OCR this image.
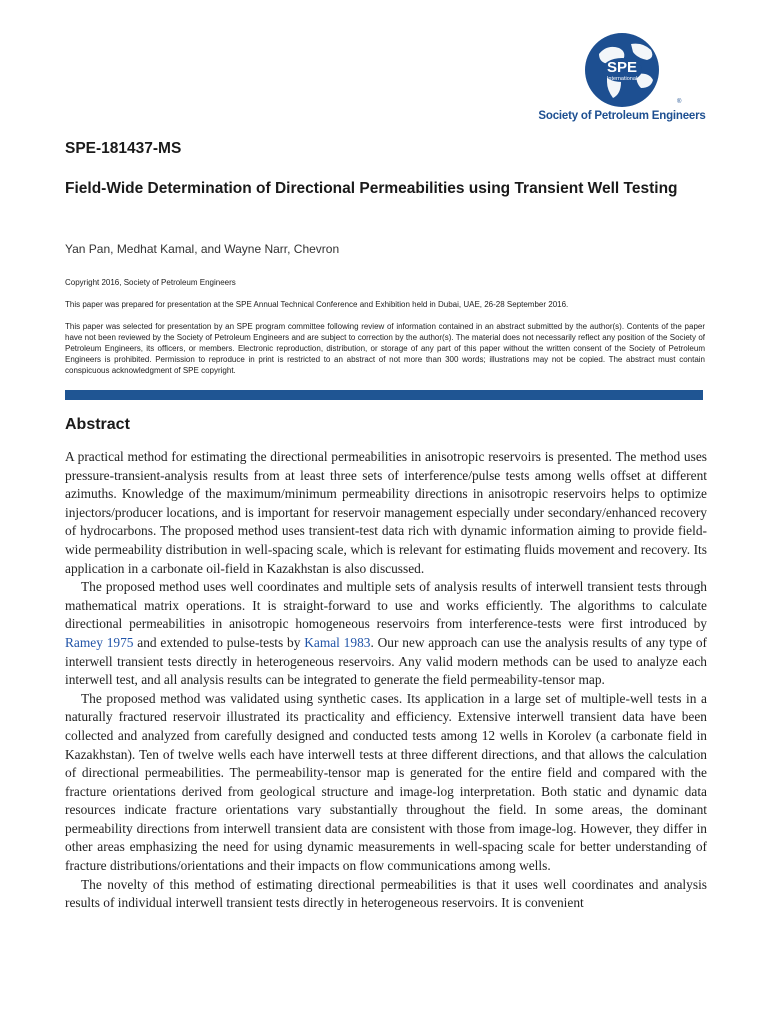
SPE
International
®
Society of Petroleum Engineers
SPE-181437-MS
Field-Wide Determination of Directional Permeabilities using Transient Well Testing
Yan Pan, Medhat Kamal, and Wayne Narr, Chevron

Copyright 2016, Society of Petroleum Engineers

This paper was prepared for presentation at the SPE Annual Technical Conference and Exhibition held in Dubai, UAE, 26-28 September 2016.

This paper was selected for presentation by an SPE program committee following review of information contained in an abstract submitted by the author(s). Contents of the paper have not been reviewed by the Society of Petroleum Engineers and are subject to correction by the author(s). The material does not necessarily reflect any position of the Society of Petroleum Engineers, its officers, or members. Electronic reproduction, distribution, or storage of any part of this paper without the written consent of the Society of Petroleum Engineers is prohibited. Permission to reproduce in print is restricted to an abstract of not more than 300 words; illustrations may not be copied. The abstract must contain conspicuous acknowledgment of SPE copyright.

Abstract

A practical method for estimating the directional permeabilities in anisotropic reservoirs is presented. The method uses pressure-transient-analysis results from at least three sets of interference/pulse tests among wells offset at different azimuths. Knowledge of the maximum/minimum permeability directions in anisotropic reservoirs helps to optimize injectors/producer locations, and is important for reservoir management especially under secondary/enhanced recovery of hydrocarbons. The proposed method uses transient-test data rich with dynamic information aiming to provide field-wide permeability distribution in well-spacing scale, which is relevant for estimating fluids movement and recovery. Its application in a carbonate oil-field in Kazakhstan is also discussed.

The proposed method uses well coordinates and multiple sets of analysis results of interwell transient tests through mathematical matrix operations. It is straight-forward to use and works efficiently. The algorithms to calculate directional permeabilities in anisotropic homogeneous reservoirs from interference-tests were first introduced by Ramey 1975 and extended to pulse-tests by Kamal 1983. Our new approach can use the analysis results of any type of interwell transient tests directly in heterogeneous reservoirs. Any valid modern methods can be used to analyze each interwell test, and all analysis results can be integrated to generate the field permeability-tensor map.

The proposed method was validated using synthetic cases. Its application in a large set of multiple-well tests in a naturally fractured reservoir illustrated its practicality and efficiency. Extensive interwell transient data have been collected and analyzed from carefully designed and conducted tests among 12 wells in Korolev (a carbonate field in Kazakhstan). Ten of twelve wells each have interwell tests at three different directions, and that allows the calculation of directional permeabilities. The permeability-tensor map is generated for the entire field and compared with the fracture orientations derived from geological structure and image-log interpretation. Both static and dynamic data resources indicate fracture orientations vary substantially throughout the field. In some areas, the dominant permeability directions from interwell transient data are consistent with those from image-log. However, they differ in other areas emphasizing the need for using dynamic measurements in well-spacing scale for better understanding of fracture distributions/orientations and their impacts on flow communications among wells.

The novelty of this method of estimating directional permeabilities is that it uses well coordinates and analysis results of individual interwell transient tests directly in heterogeneous reservoirs. It is convenient
